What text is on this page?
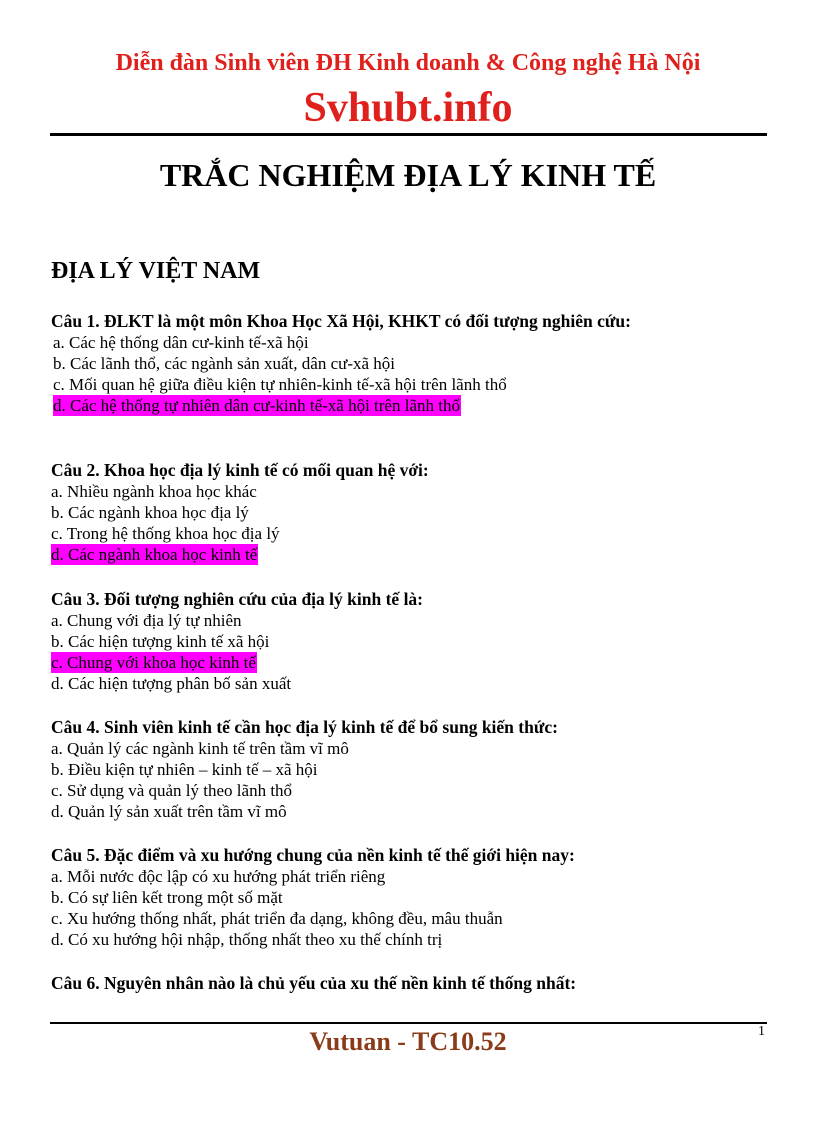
Diễn đàn Sinh viên ĐH Kinh doanh & Công nghệ Hà Nội
Svhubt.info
TRẮC NGHIỆM ĐỊA LÝ KINH TẾ
ĐỊA LÝ VIỆT NAM
Câu 1. ĐLKT là một môn Khoa Học Xã Hội, KHKT có đối tượng nghiên cứu:
a. Các hệ thống dân cư-kinh tế-xã hội
b. Các lãnh thổ, các ngành sản xuất, dân cư-xã hội
c. Mối quan hệ giữa điều kiện tự nhiên-kinh tế-xã hội trên lãnh thổ
d. Các hệ thống tự nhiên dân cư-kinh tế-xã hội trên lãnh thổ
Câu 2. Khoa học địa lý kinh tế có mối quan hệ với:
a. Nhiều ngành khoa học khác
b. Các ngành khoa học địa lý
c. Trong hệ thống khoa học địa lý
d. Các ngành khoa học kinh tế
Câu 3. Đối tượng nghiên cứu của địa lý kinh tế là:
a. Chung với địa lý tự nhiên
b. Các hiện tượng kinh tế xã hội
c. Chung với khoa học kinh tế
d. Các hiện tượng phân bố sản xuất
Câu 4. Sinh viên kinh tế cần học địa lý kinh tế để bổ sung kiến thức:
a. Quản lý các ngành kinh tế trên tầm vĩ mô
b. Điều kiện tự nhiên – kinh tế – xã hội
c. Sử dụng và quản lý theo lãnh thổ
d. Quản lý sản xuất trên tầm vĩ mô
Câu 5. Đặc điểm và xu hướng chung của nền kinh tế thế giới hiện nay:
a. Mỗi nước độc lập có xu hướng phát triển riêng
b. Có sự liên kết trong một số mặt
c. Xu hướng thống nhất, phát triển đa dạng, không đều, mâu thuẫn
d. Có xu hướng hội nhập, thống nhất theo xu thế chính trị
Câu 6. Nguyên nhân nào là chủ yếu của xu thế nền kinh tế thống nhất:
Vutuan - TC10.52	1
